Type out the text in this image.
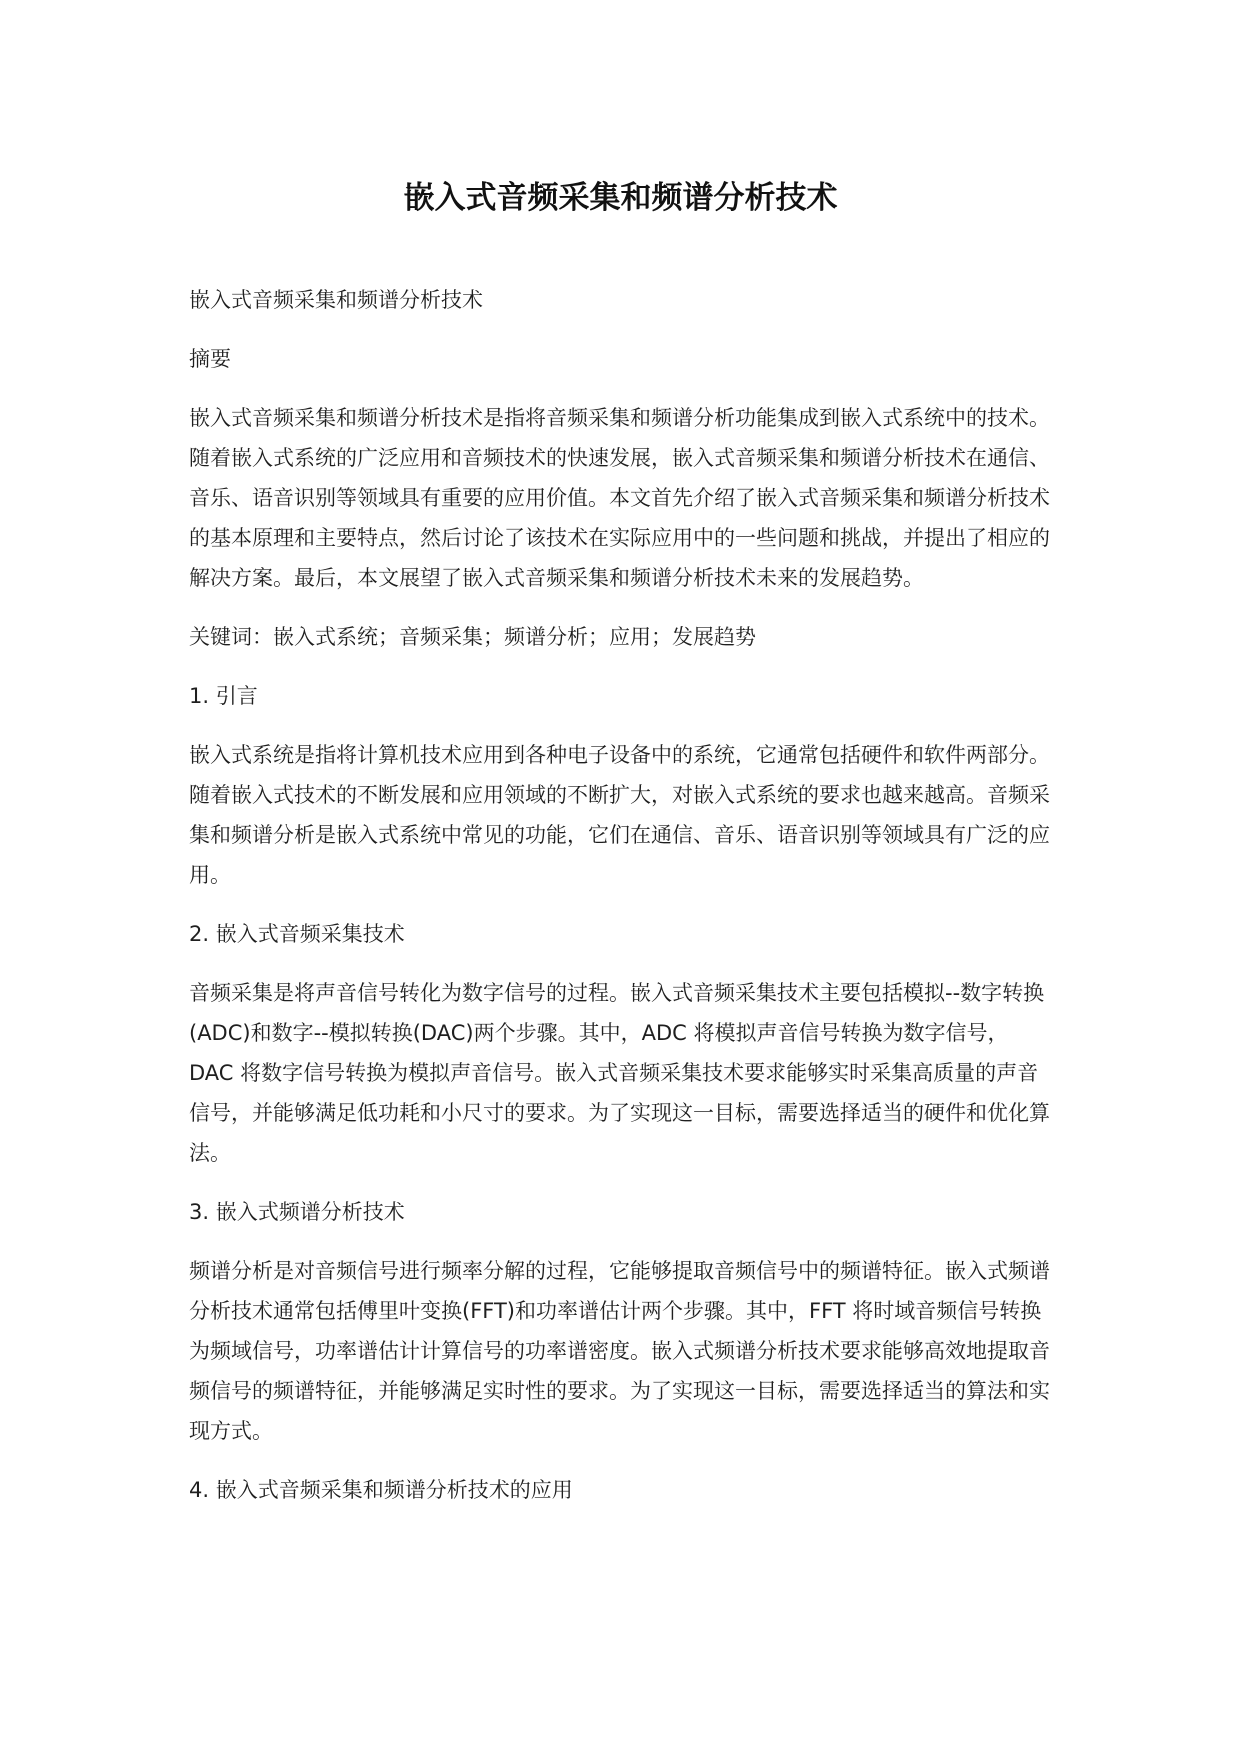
嵌入式音频采集和频谱分析技术

嵌入式音频采集和频谱分析技术

摘要

嵌入式音频采集和频谱分析技术是指将音频采集和频谱分析功能集成到嵌入式系统中的技术。随着嵌入式系统的广泛应用和音频技术的快速发展，嵌入式音频采集和频谱分析技术在通信、音乐、语音识别等领域具有重要的应用价值。本文首先介绍了嵌入式音频采集和频谱分析技术的基本原理和主要特点，然后讨论了该技术在实际应用中的一些问题和挑战，并提出了相应的解决方案。最后，本文展望了嵌入式音频采集和频谱分析技术未来的发展趋势。

关键词：嵌入式系统；音频采集；频谱分析；应用；发展趋势

1. 引言

嵌入式系统是指将计算机技术应用到各种电子设备中的系统，它通常包括硬件和软件两部分。随着嵌入式技术的不断发展和应用领域的不断扩大，对嵌入式系统的要求也越来越高。音频采集和频谱分析是嵌入式系统中常见的功能，它们在通信、音乐、语音识别等领域具有广泛的应用。

2. 嵌入式音频采集技术

音频采集是将声音信号转化为数字信号的过程。嵌入式音频采集技术主要包括模拟--数字转换(ADC)和数字--模拟转换(DAC)两个步骤。其中，ADC 将模拟声音信号转换为数字信号，DAC 将数字信号转换为模拟声音信号。嵌入式音频采集技术要求能够实时采集高质量的声音信号，并能够满足低功耗和小尺寸的要求。为了实现这一目标，需要选择适当的硬件和优化算法。

3. 嵌入式频谱分析技术

频谱分析是对音频信号进行频率分解的过程，它能够提取音频信号中的频谱特征。嵌入式频谱分析技术通常包括傅里叶变换(FFT)和功率谱估计两个步骤。其中，FFT 将时域音频信号转换为频域信号，功率谱估计计算信号的功率谱密度。嵌入式频谱分析技术要求能够高效地提取音频信号的频谱特征，并能够满足实时性的要求。为了实现这一目标，需要选择适当的算法和实现方式。

4. 嵌入式音频采集和频谱分析技术的应用
